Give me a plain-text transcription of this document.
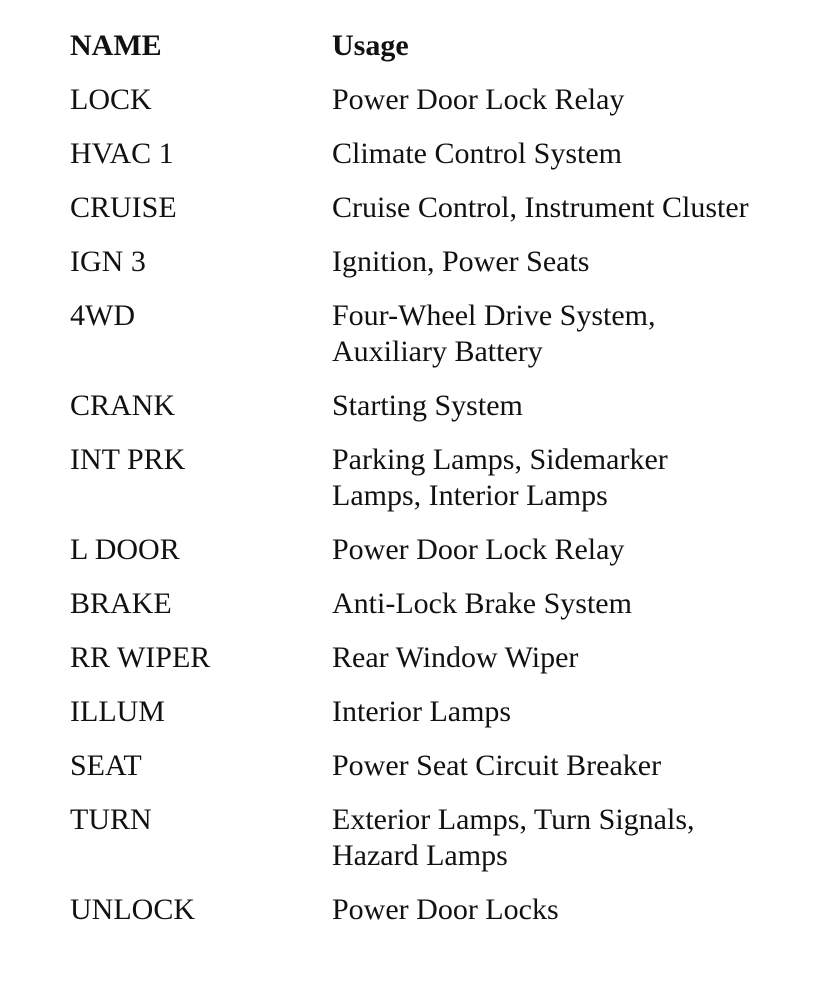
NAME	Usage
LOCK	Power Door Lock Relay
HVAC 1	Climate Control System
CRUISE	Cruise Control, Instrument Cluster
IGN 3	Ignition, Power Seats
4WD	Four-Wheel Drive System,
Auxiliary Battery
CRANK	Starting System
INT PRK	Parking Lamps, Sidemarker
Lamps, Interior Lamps
L DOOR	Power Door Lock Relay
BRAKE	Anti-Lock Brake System
RR WIPER	Rear Window Wiper
ILLUM	Interior Lamps
SEAT	Power Seat Circuit Breaker
TURN	Exterior Lamps, Turn Signals,
Hazard Lamps
UNLOCK	Power Door Locks
